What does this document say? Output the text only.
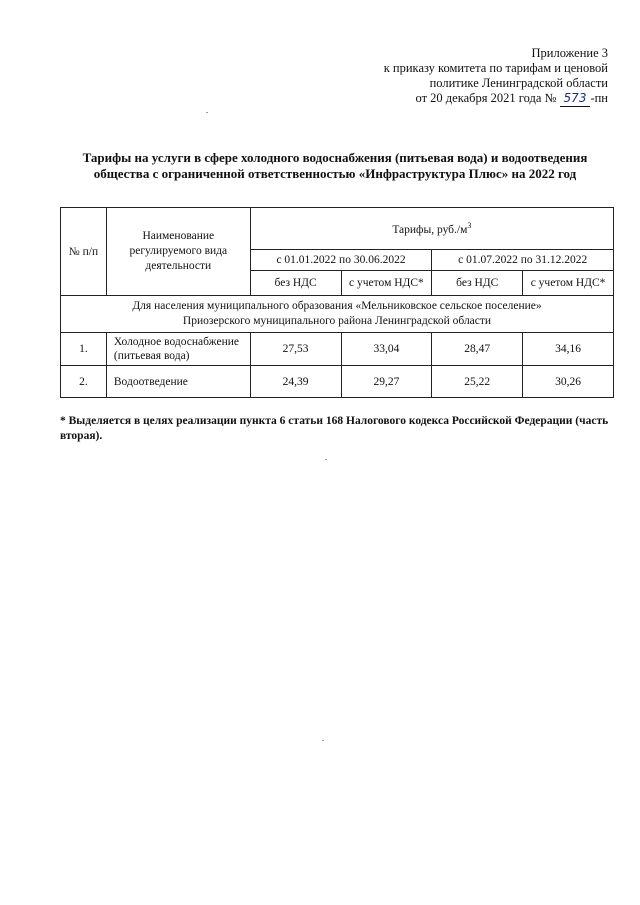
Приложение 3
к приказу комитета по тарифам и ценовой
политике Ленинградской области
от 20 декабря 2021 года № 573 -пн
Тарифы на услуги в сфере холодного водоснабжения (питьевая вода) и водоотведения
общества с ограниченной ответственностью «Инфраструктура Плюс» на 2022 год
№ п/п	Наименование регулируемого вида деятельности	Тарифы, $руб./м^3$
		с 01.01.2022 по 30.06.2022		с 01.07.2022 по 31.12.2022	
		без НДС	с учетом НДС*	без НДС	с учетом НДС*

Для населения муниципального образования «Мельниковское сельское поселение»
Приозерского муниципального района Ленинградской области					

1.	Холодное водоснабжение (питьевая вода)	27,53	33,04	28,47	34,16
2.	Водоотведение	24,39	29,27	25,22	30,26
* Выделяется в целях реализации пункта 6 статьи 168 Налогового кодекса Российской Федерации (часть вторая).
